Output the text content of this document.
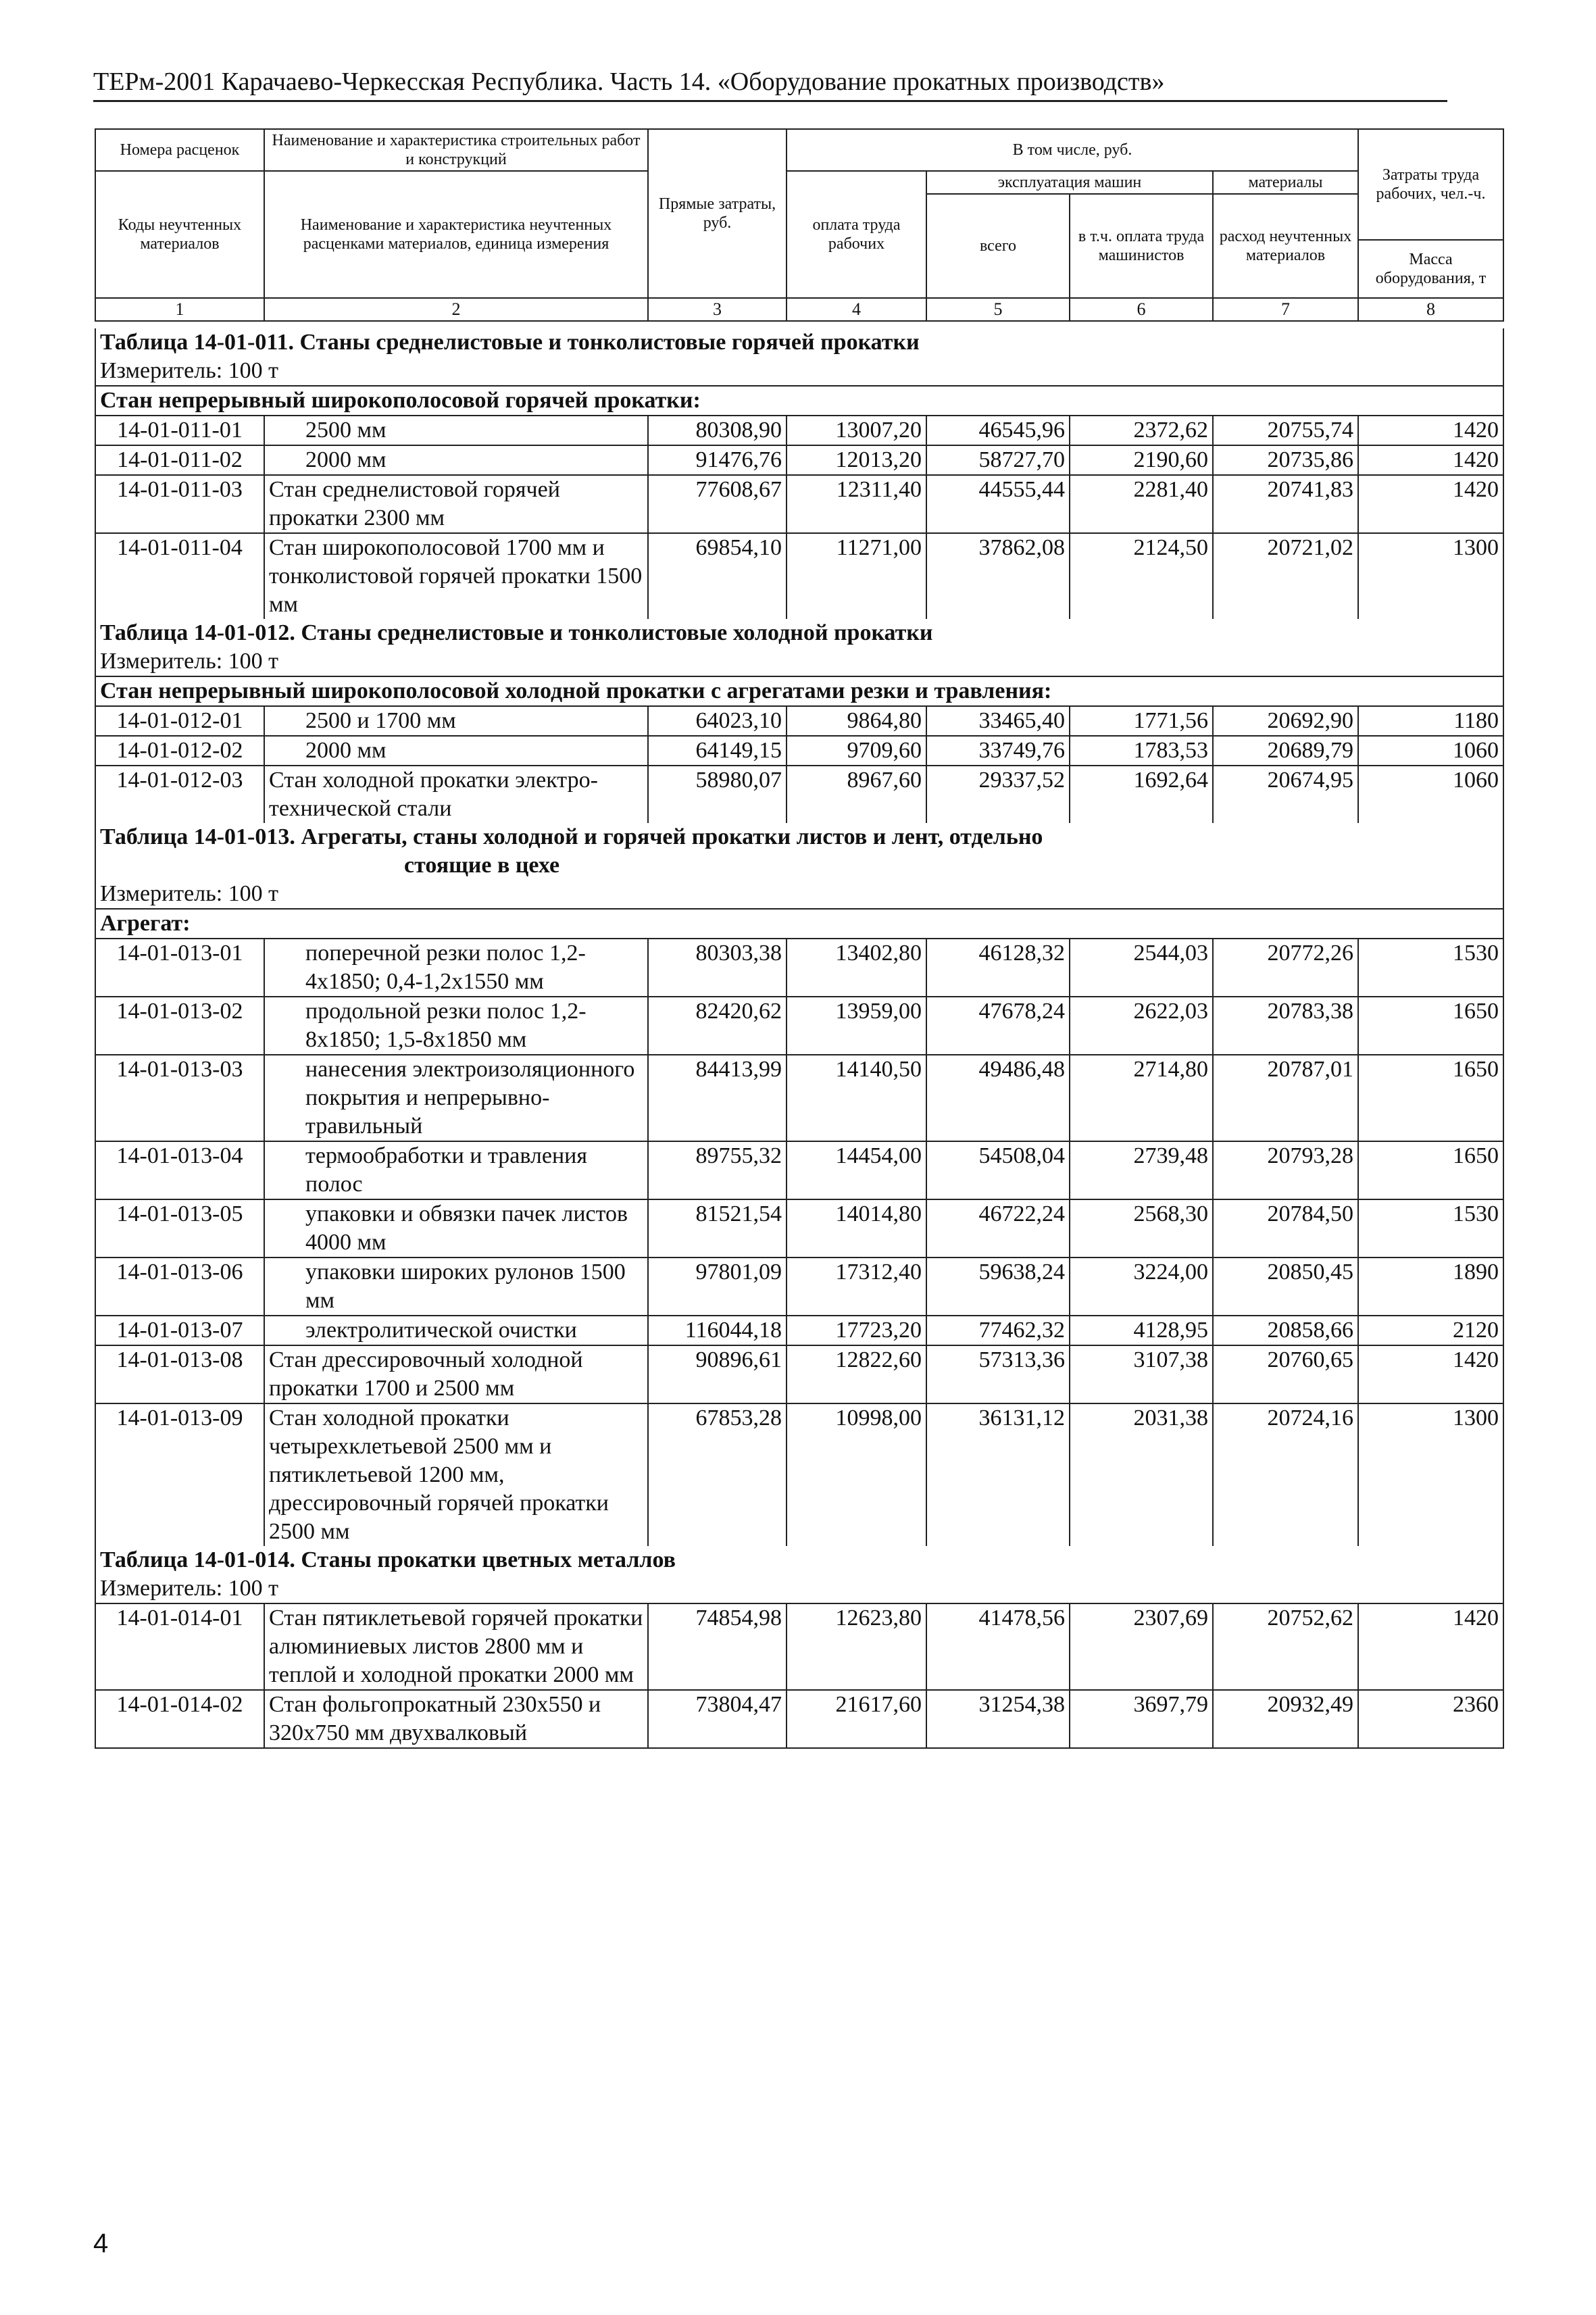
ТЕРм-2001 Карачаево-Черкесская Республика. Часть 14. «Оборудование прокатных производств»
Номера расценок	Наименование и характеристика строительных работ и конструкций	Прямые затраты, руб.	В том числе, руб.				Затраты труда рабочих, чел.-ч.
Коды неучтенных материалов	Наименование и характеристика неучтенных расценками материалов, единица измерения		оплата труда рабочих	эксплуатация машин		материалы	
				всего	в т.ч. оплата труда машинистов	расход неучтенных материалов	
							Масса оборудования, т
1	2	3	4	5	6	7	8
Таблица 14-01-011. Станы среднелистовые и тонколистовые горячей прокатки							
Измеритель: 100 т							
Стан непрерывный широкополосовой горячей прокатки:							
14-01-011-01	2500 мм	80308,90	13007,20	46545,96	2372,62	20755,74	1420
14-01-011-02	2000 мм	91476,76	12013,20	58727,70	2190,60	20735,86	1420
14-01-011-03	Стан среднелистовой горячей прокатки 2300 мм	77608,67	12311,40	44555,44	2281,40	20741,83	1420
14-01-011-04	Стан широкополосовой 1700 мм и тонколистовой горячей прокатки 1500 мм	69854,10	11271,00	37862,08	2124,50	20721,02	1300
Таблица 14-01-012. Станы среднелистовые и тонколистовые холодной прокатки							
Измеритель: 100 т							
Стан непрерывный широкополосовой холодной прокатки с агрегатами резки и травления:							
14-01-012-01	2500 и 1700 мм	64023,10	9864,80	33465,40	1771,56	20692,90	1180
14-01-012-02	2000 мм	64149,15	9709,60	33749,76	1783,53	20689,79	1060
14-01-012-03	Стан холодной прокатки электро-технической стали	58980,07	8967,60	29337,52	1692,64	20674,95	1060
Таблица 14-01-013. Агрегаты, станы холодной и горячей прокатки листов и лент, отдельно
стоящие в цехе							

Измеритель: 100 т							
Агрегат:							
14-01-013-01	поперечной резки полос 1,2-4х1850; 0,4-1,2х1550 мм	80303,38	13402,80	46128,32	2544,03	20772,26	1530
14-01-013-02	продольной резки полос 1,2-8х1850; 1,5-8х1850 мм	82420,62	13959,00	47678,24	2622,03	20783,38	1650
14-01-013-03	нанесения электроизоляционного покрытия и непрерывно-травильный	84413,99	14140,50	49486,48	2714,80	20787,01	1650
14-01-013-04	термообработки и травления полос	89755,32	14454,00	54508,04	2739,48	20793,28	1650
14-01-013-05	упаковки и обвязки пачек листов 4000 мм	81521,54	14014,80	46722,24	2568,30	20784,50	1530
14-01-013-06	упаковки широких рулонов 1500 мм	97801,09	17312,40	59638,24	3224,00	20850,45	1890
14-01-013-07	электролитической очистки	116044,18	17723,20	77462,32	4128,95	20858,66	2120
14-01-013-08	Стан дрессировочный холодной прокатки 1700 и 2500 мм	90896,61	12822,60	57313,36	3107,38	20760,65	1420
14-01-013-09	Стан холодной прокатки четырехклетьевой 2500 мм и пятиклетьевой 1200 мм, дрессировочный горячей прокатки 2500 мм	67853,28	10998,00	36131,12	2031,38	20724,16	1300
Таблица 14-01-014. Станы прокатки цветных металлов							
Измеритель: 100 т							
14-01-014-01	Стан пятиклетьевой горячей прокатки алюминиевых листов 2800 мм и теплой и холодной прокатки 2000 мм	74854,98	12623,80	41478,56	2307,69	20752,62	1420
14-01-014-02	Стан фольгопрокатный 230х550 и 320х750 мм двухвалковый	73804,47	21617,60	31254,38	3697,79	20932,49	2360
4
